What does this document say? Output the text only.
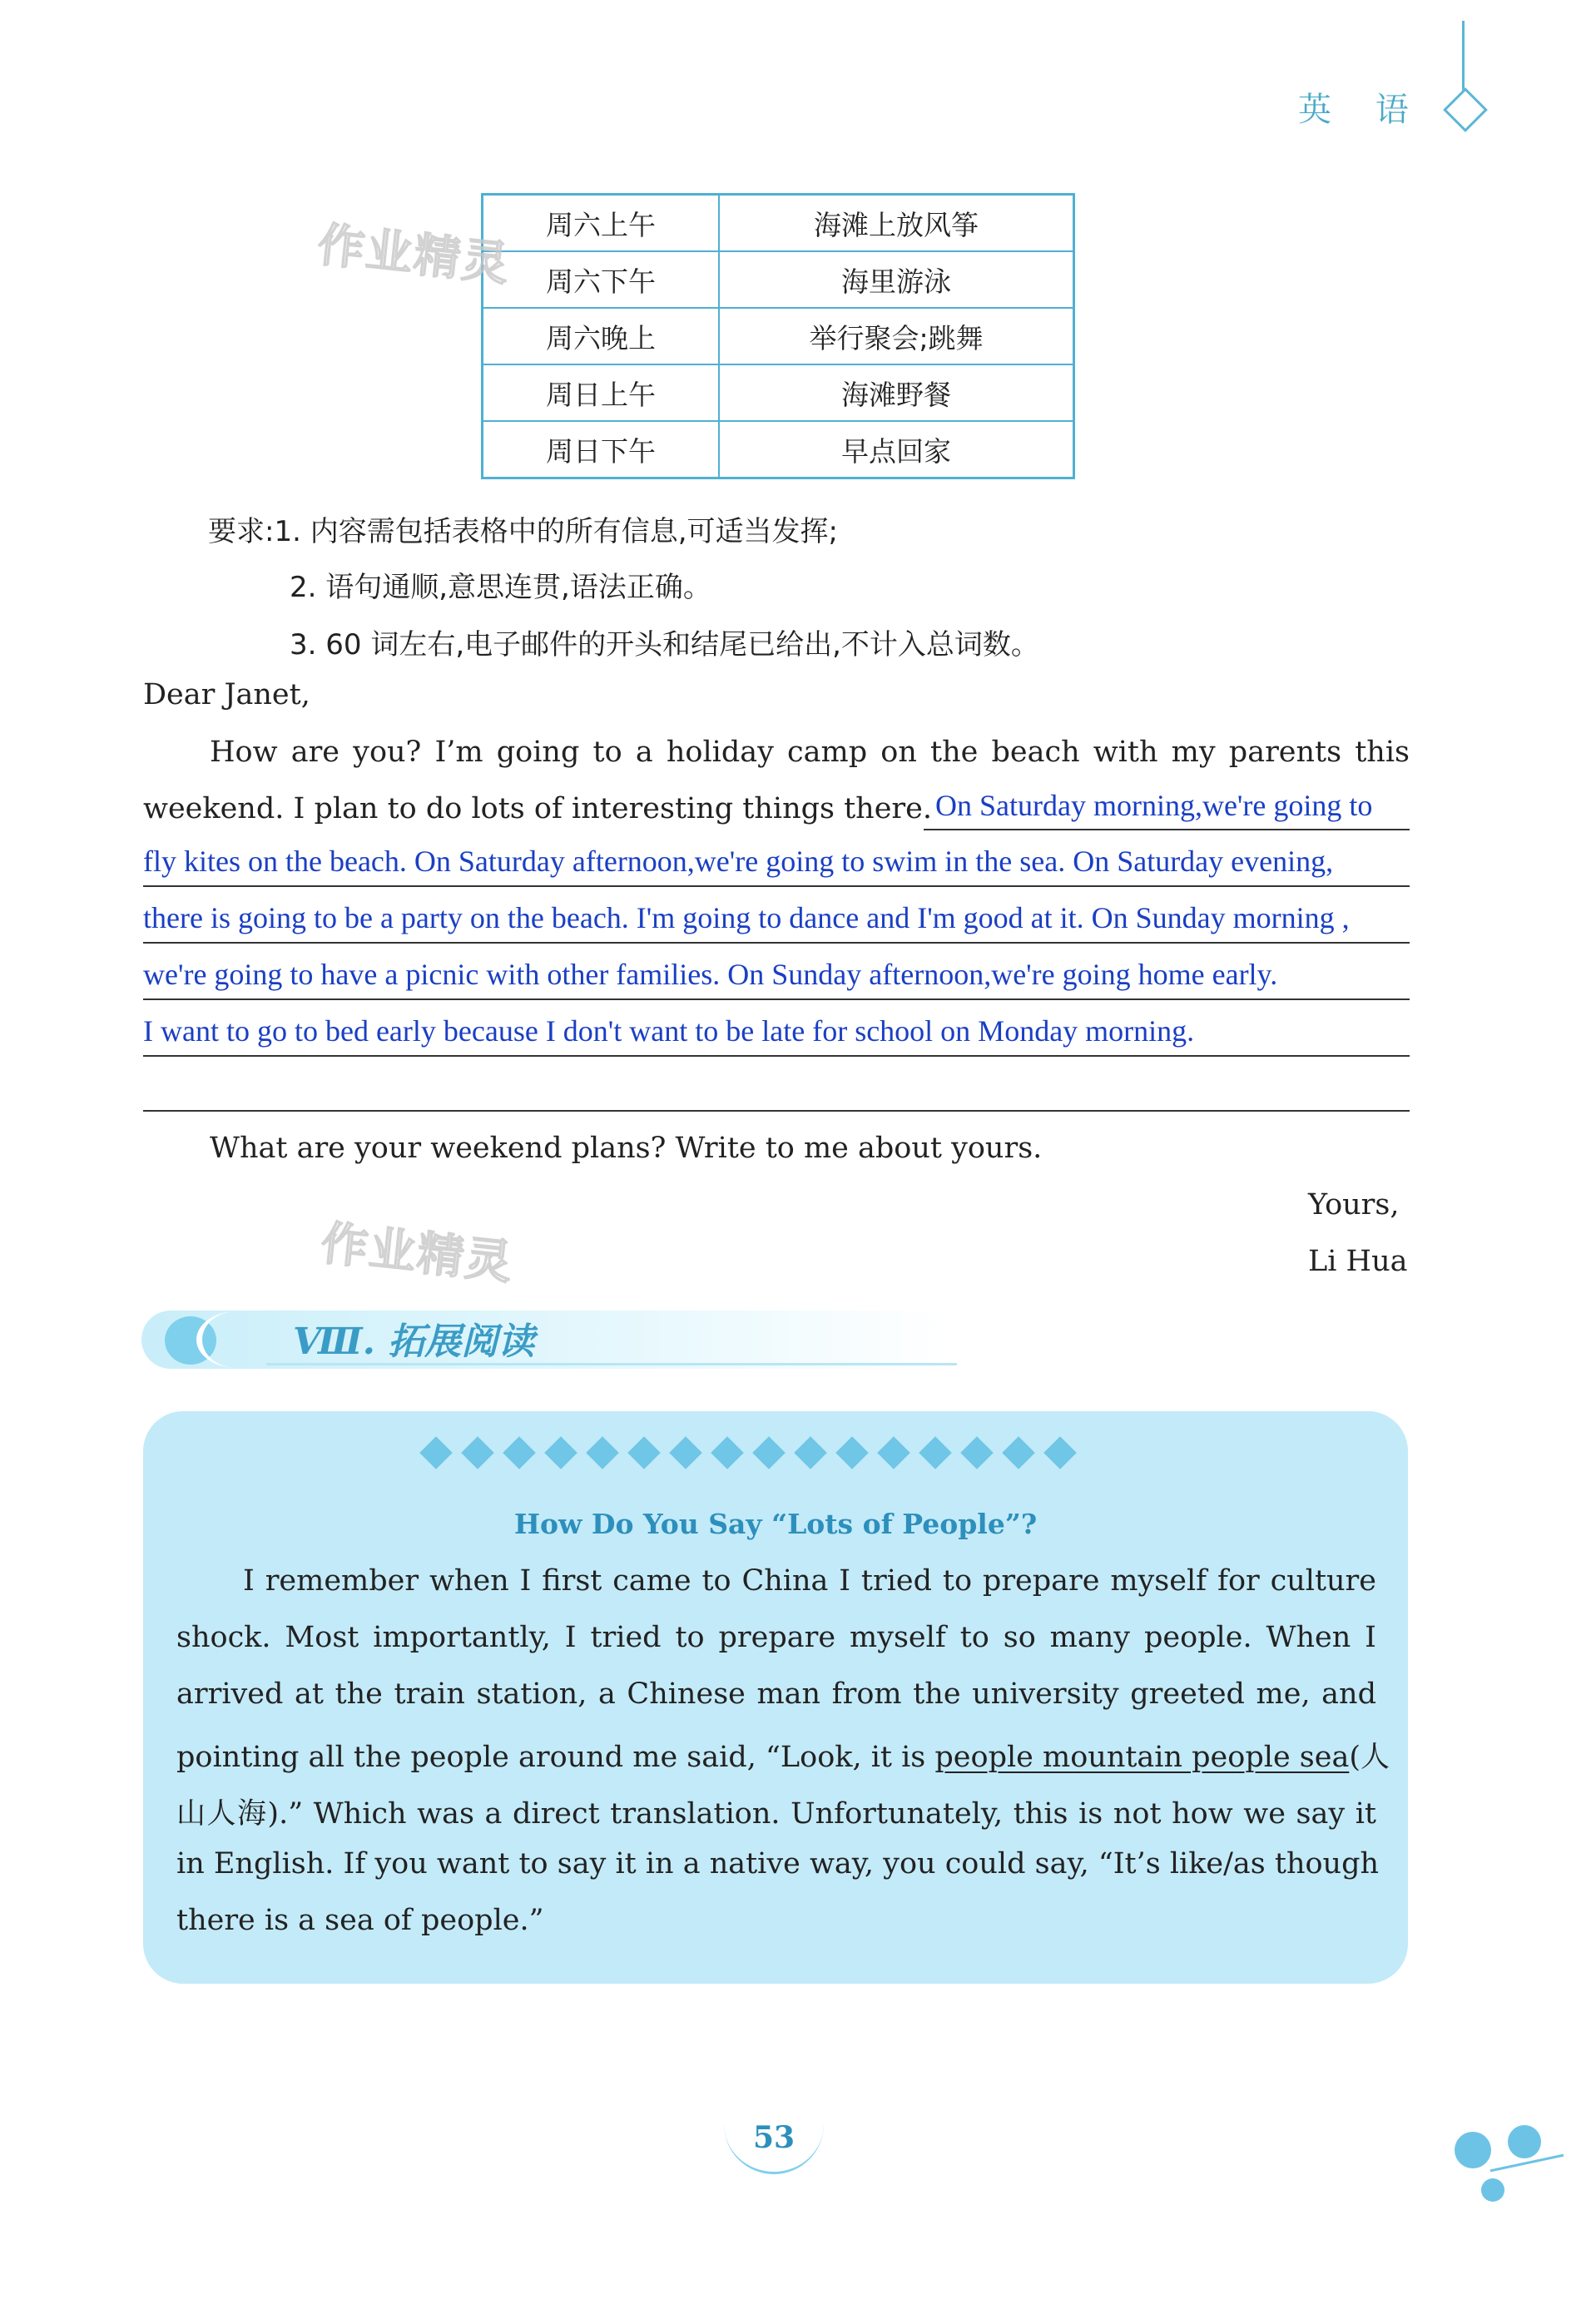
英 语
周六上午	海滩上放风筝
周六下午	海里游泳
周六晚上	举行聚会;跳舞
周日上午	海滩野餐
周日下午	早点回家
作业精灵
作业精灵
要求:1. 内容需包括表格中的所有信息,可适当发挥;
2. 语句通顺,意思连贯,语法正确。
3. 60 词左右,电子邮件的开头和结尾已给出,不计入总词数。
Dear Janet,
How are you? I’m going to a holiday camp on the beach with my parents this
weekend. I plan to do lots of interesting things there. On Saturday morning,we're going to
fly kites on the beach. On Saturday afternoon,we're going to swim in the sea. On Saturday evening,
there is going to be a party on the beach. I'm going to dance and I'm good at it. On Sunday morning ,
we're going to have a picnic with other families. On Sunday afternoon,we're going home early.
I want to go to bed early because I don't want to be late for school on Monday morning.
What are your weekend plans? Write to me about yours.
Yours,
Li Hua
Ⅷ. 拓展阅读
How Do You Say “Lots of People”?
I remember when I first came to China I tried to prepare myself for culture
shock. Most importantly, I tried to prepare myself to so many people. When I
arrived at the train station, a Chinese man from the university greeted me, and
pointing all the people around me said, “Look, it is people mountain people sea(人
山人海).” Which was a direct translation. Unfortunately, this is not how we say it
in English. If you want to say it in a native way, you could say, “It’s like/as though
there is a sea of people.”
53
